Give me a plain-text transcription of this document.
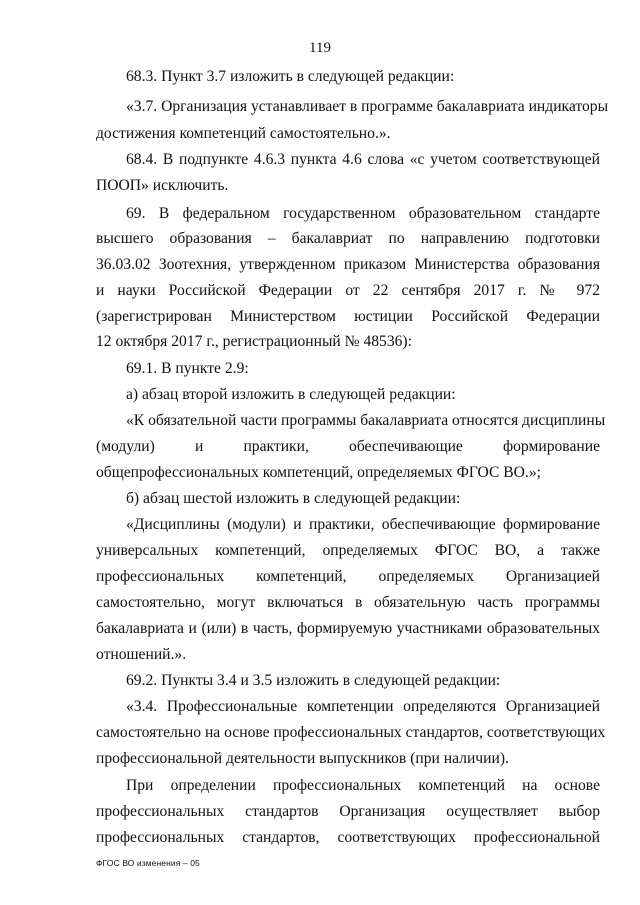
119
68.3. Пункт 3.7 изложить в следующей редакции:
«3.7. Организация устанавливает в программе бакалавриата индикаторы
достижения компетенций самостоятельно.».
68.4. В подпункте 4.6.3 пункта 4.6 слова «с учетом соответствующей
ПООП» исключить.
69. В федеральном государственном образовательном стандарте
высшего образования – бакалавриат по направлению подготовки
36.03.02 Зоотехния, утвержденном приказом Министерства образования
и науки Российской Федерации от 22 сентября 2017 г. № 972
(зарегистрирован Министерством юстиции Российской Федерации
12 октября 2017 г., регистрационный № 48536):
69.1. В пункте 2.9:
а) абзац второй изложить в следующей редакции:
«К обязательной части программы бакалавриата относятся дисциплины
(модули) и практики, обеспечивающие формирование
общепрофессиональных компетенций, определяемых ФГОС ВО.»;
б) абзац шестой изложить в следующей редакции:
«Дисциплины (модули) и практики, обеспечивающие формирование
универсальных компетенций, определяемых ФГОС ВО, а также
профессиональных компетенций, определяемых Организацией
самостоятельно, могут включаться в обязательную часть программы
бакалавриата и (или) в часть, формируемую участниками образовательных
отношений.».
69.2. Пункты 3.4 и 3.5 изложить в следующей редакции:
«3.4. Профессиональные компетенции определяются Организацией
самостоятельно на основе профессиональных стандартов, соответствующих
профессиональной деятельности выпускников (при наличии).
При определении профессиональных компетенций на основе
профессиональных стандартов Организация осуществляет выбор
профессиональных стандартов, соответствующих профессиональной
ФГОС ВО изменения – 05
